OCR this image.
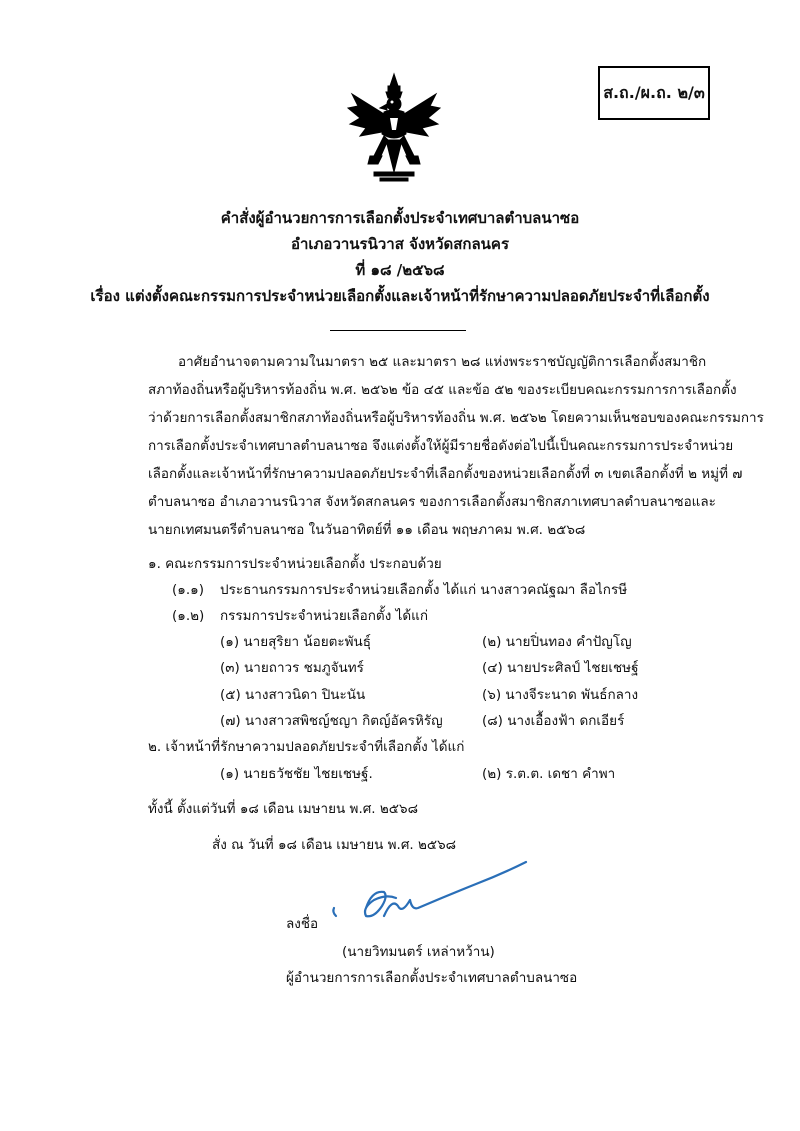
ส.ถ./ผ.ถ. ๒/๓
คำสั่งผู้อำนวยการการเลือกตั้งประจำเทศบาลตำบลนาซอ
อำเภอวานรนิวาส จังหวัดสกลนคร
ที่ ๑๘ /๒๕๖๘
เรื่อง แต่งตั้งคณะกรรมการประจำหน่วยเลือกตั้งและเจ้าหน้าที่รักษาความปลอดภัยประจำที่เลือกตั้ง
อาศัยอำนาจตามความในมาตรา ๒๕ และมาตรา ๒๘ แห่งพระราชบัญญัติการเลือกตั้งสมาชิก
สภาท้องถิ่นหรือผู้บริหารท้องถิ่น พ.ศ. ๒๕๖๒ ข้อ ๔๕ และข้อ ๕๒ ของระเบียบคณะกรรมการการเลือกตั้ง
ว่าด้วยการเลือกตั้งสมาชิกสภาท้องถิ่นหรือผู้บริหารท้องถิ่น พ.ศ. ๒๕๖๒ โดยความเห็นชอบของคณะกรรมการ
การเลือกตั้งประจำเทศบาลตำบลนาซอ จึงแต่งตั้งให้ผู้มีรายชื่อดังต่อไปนี้เป็นคณะกรรมการประจำหน่วย
เลือกตั้งและเจ้าหน้าที่รักษาความปลอดภัยประจำที่เลือกตั้งของหน่วยเลือกตั้งที่ ๓ เขตเลือกตั้งที่ ๒ หมู่ที่ ๗
ตำบลนาซอ อำเภอวานรนิวาส จังหวัดสกลนคร ของการเลือกตั้งสมาชิกสภาเทศบาลตำบลนาซอและ
นายกเทศมนตรีตำบลนาซอ ในวันอาทิตย์ที่ ๑๑ เดือน พฤษภาคม พ.ศ. ๒๕๖๘
๑. คณะกรรมการประจำหน่วยเลือกตั้ง ประกอบด้วย
(๑.๑) ประธานกรรมการประจำหน่วยเลือกตั้ง ได้แก่ นางสาวคณัฐฌา ลือไกรษี
(๑.๒) กรรมการประจำหน่วยเลือกตั้ง ได้แก่
(๑) นายสุริยา น้อยตะพันธุ์	(๒) นายปิ่นทอง คำปัญโญ
(๓) นายถาวร ชมภูจันทร์	(๔) นายประศิลป์ ไชยเชษฐ์
(๕) นางสาวนิดา ปินะนัน	(๖) นางจีระนาด พันธ์กลาง
(๗) นางสาวสพิชญ์ชญา กิตญ์อัครหิรัญ	(๘) นางเอื้องฟ้า ดกเอียร์
๒. เจ้าหน้าที่รักษาความปลอดภัยประจำที่เลือกตั้ง ได้แก่
(๑) นายธวัชชัย ไชยเชษฐ์.	(๒) ร.ต.ต. เดชา คำพา
ทั้งนี้ ตั้งแต่วันที่ ๑๘ เดือน เมษายน พ.ศ. ๒๕๖๘
สั่ง ณ วันที่ ๑๘ เดือน เมษายน พ.ศ. ๒๕๖๘
ลงชื่อ
(นายวิทมนตร์ เหล่าหว้าน)
ผู้อำนวยการการเลือกตั้งประจำเทศบาลตำบลนาซอ
